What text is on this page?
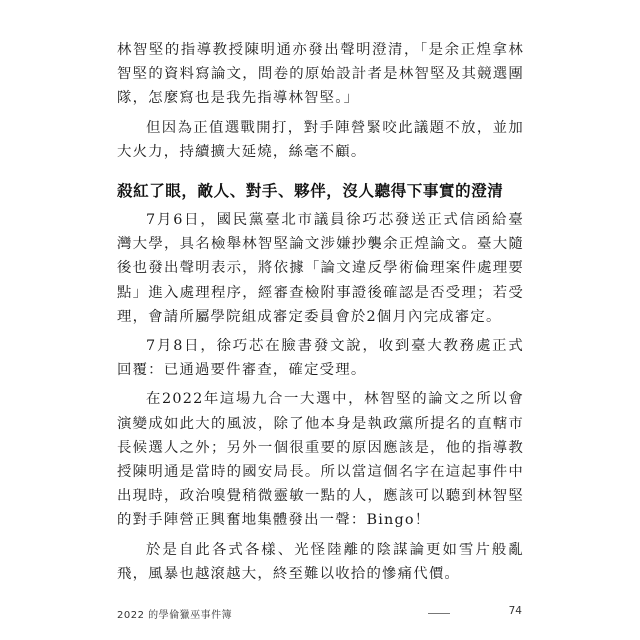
林智堅的指導教授陳明通亦發出聲明澄清，「是余正煌拿林智堅的資料寫論文，問卷的原始設計者是林智堅及其競選團隊，怎麼寫也是我先指導林智堅。」

但因為正值選戰開打，對手陣營緊咬此議題不放，並加大火力，持續擴大延燒，絲毫不顧。

殺紅了眼，敵人、對手、夥伴，沒人聽得下事實的澄清

7月6日，國民黨臺北市議員徐巧芯發送正式信函給臺灣大學，具名檢舉林智堅論文涉嫌抄襲余正煌論文。臺大隨後也發出聲明表示，將依據「論文違反學術倫理案件處理要點」進入處理程序，經審查檢附事證後確認是否受理；若受理，會請所屬學院組成審定委員會於2個月內完成審定。

7月8日，徐巧芯在臉書發文說，收到臺大教務處正式回覆：已通過要件審查，確定受理。

在2022年這場九合一大選中，林智堅的論文之所以會演變成如此大的風波，除了他本身是執政黨所提名的直轄市長候選人之外；另外一個很重要的原因應該是，他的指導教授陳明通是當時的國安局長。所以當這個名字在這起事件中出現時，政治嗅覺稍微靈敏一點的人，應該可以聽到林智堅的對手陣營正興奮地集體發出一聲：Bingo！

於是自此各式各樣、光怪陸離的陰謀論更如雪片般亂飛，風暴也越滾越大，終至難以收拾的慘痛代價。

2022 的學倫獵巫事件簿	74
